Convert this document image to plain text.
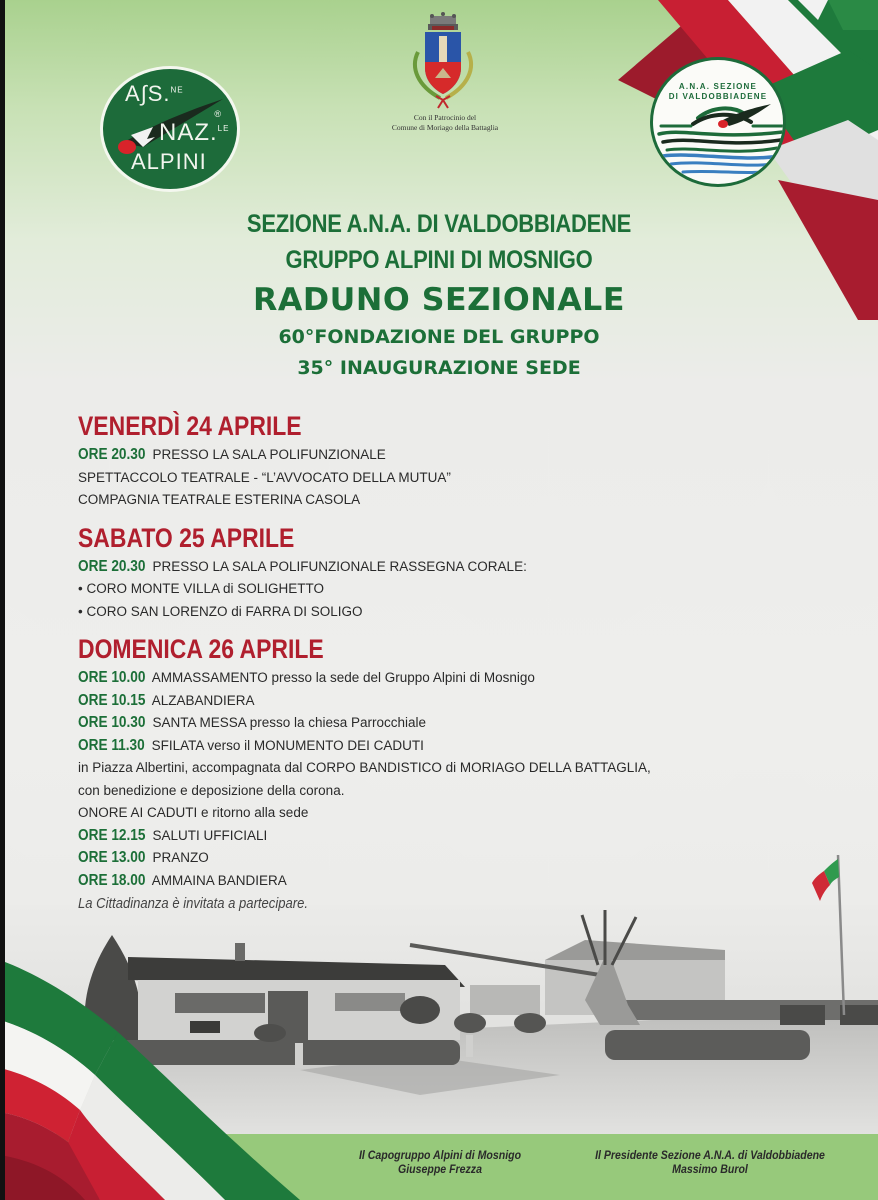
A∫S.$^{NE}$
®
NAZ.$^{LE}$
ALPINI
Con il Patrocinio del
Comune di Moriago della Battaglia
A.N.A. SEZIONE
DI VALDOBBIADENE
SEZIONE A.N.A. DI VALDOBBIADENE
GRUPPO ALPINI DI MOSNIGO
RADUNO SEZIONALE
60°FONDAZIONE DEL GRUPPO
35° INAUGURAZIONE SEDE
VENERDÌ 24 APRILE
ORE 20.30 PRESSO LA SALA POLIFUNZIONALE
SPETTACCOLO TEATRALE - “L’AVVOCATO DELLA MUTUA”
COMPAGNIA TEATRALE ESTERINA CASOLA
SABATO 25 APRILE
ORE 20.30 PRESSO LA SALA POLIFUNZIONALE RASSEGNA CORALE:
• CORO MONTE VILLA di SOLIGHETTO
• CORO SAN LORENZO di FARRA DI SOLIGO
DOMENICA 26 APRILE
ORE 10.00 AMMASSAMENTO presso la sede del Gruppo Alpini di Mosnigo
ORE 10.15 ALZABANDIERA
ORE 10.30 SANTA MESSA presso la chiesa Parrocchiale
ORE 11.30 SFILATA verso il MONUMENTO DEI CADUTI
in Piazza Albertini, accompagnata dal CORPO BANDISTICO di MORIAGO DELLA BATTAGLIA,
con benedizione e deposizione della corona.
ONORE AI CADUTI e ritorno alla sede
ORE 12.15 SALUTI UFFICIALI
ORE 13.00 PRANZO
ORE 18.00 AMMAINA BANDIERA
La Cittadinanza è invitata a partecipare.
Il Capogruppo Alpini di Mosnigo
Giuseppe Frezza
Il Presidente Sezione A.N.A. di Valdobbiadene
Massimo Burol
